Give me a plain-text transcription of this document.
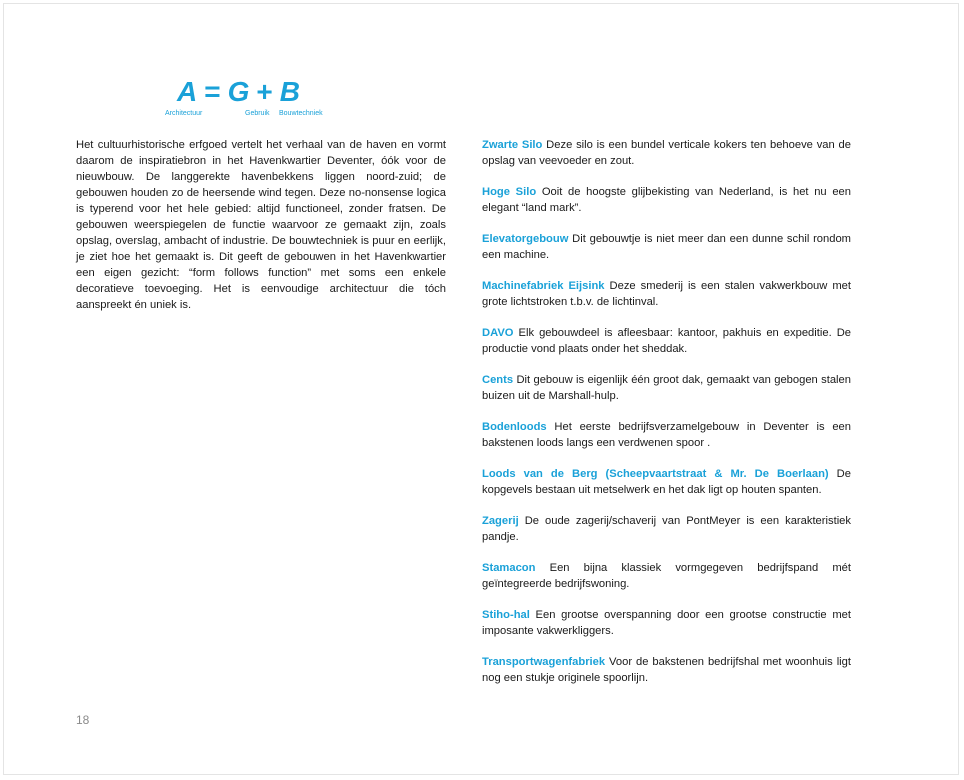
A = G + B
Architectuur	Gebruik Bouwtechniek
Het cultuurhistorische erfgoed vertelt het verhaal van de haven en vormt daarom de inspiratiebron in het Havenkwartier Deventer, óók voor de nieuwbouw. De langgerekte havenbekkens liggen noord-zuid; de gebouwen houden zo de heersende wind tegen. Deze no-nonsense logica is typerend voor het hele gebied: altijd functioneel, zonder fratsen. De gebouwen weerspiegelen de functie waarvoor ze gemaakt zijn, zoals opslag, overslag, ambacht of industrie. De bouwtechniek is puur en eerlijk, je ziet hoe het gemaakt is. Dit geeft de gebouwen in het Havenkwartier een eigen gezicht: “form follows function” met soms een enkele decoratieve toevoeging. Het is eenvoudige architectuur die tóch aanspreekt én uniek is.

Zwarte Silo Deze silo is een bundel verticale kokers ten behoeve van de opslag van veevoeder en zout.

Hoge Silo Ooit de hoogste glijbekisting van Nederland, is het nu een elegant “land mark”.

Elevatorgebouw Dit gebouwtje is niet meer dan een dunne schil rondom een machine.

Machinefabriek Eijsink Deze smederij is een stalen vakwerkbouw met grote lichtstroken t.b.v. de lichtinval.

DAVO Elk gebouwdeel is afleesbaar: kantoor, pakhuis en expeditie. De productie vond plaats onder het sheddak.

Cents Dit gebouw is eigenlijk één groot dak, gemaakt van gebogen stalen buizen uit de Marshall-hulp.

Bodenloods Het eerste bedrijfsverzamelgebouw in Deventer is een bakstenen loods langs een verdwenen spoor .

Loods van de Berg (Scheepvaartstraat & Mr. De Boerlaan) De kopgevels bestaan uit metselwerk en het dak ligt op houten spanten.

Zagerij De oude zagerij/schaverij van PontMeyer is een karakteristiek pandje.

Stamacon Een bijna klassiek vormgegeven bedrijfspand mét geïntegreerde bedrijfswoning.

Stiho-hal Een grootse overspanning door een grootse constructie met imposante vakwerkliggers.

Transportwagenfabriek Voor de bakstenen bedrijfshal met woonhuis ligt nog een stukje originele spoorlijn.

18
